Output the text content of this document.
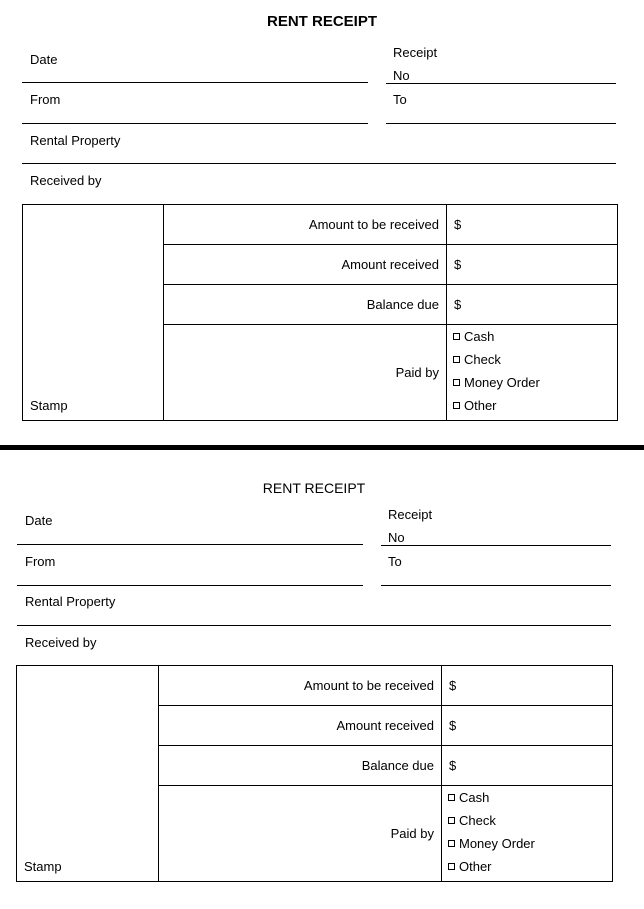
RENT RECEIPT
Date	Receipt
No
From	To
Rental Property
Received by
Stamp	Amount to be received	$
	Amount received	$
	Balance due	$
	Paid by	Cash
Check
Money Order
Other
RENT RECEIPT
Date	Receipt
No
From	To
Rental Property
Received by
Stamp	Amount to be received	$
	Amount received	$
	Balance due	$
	Paid by	Cash
Check
Money Order
Other
